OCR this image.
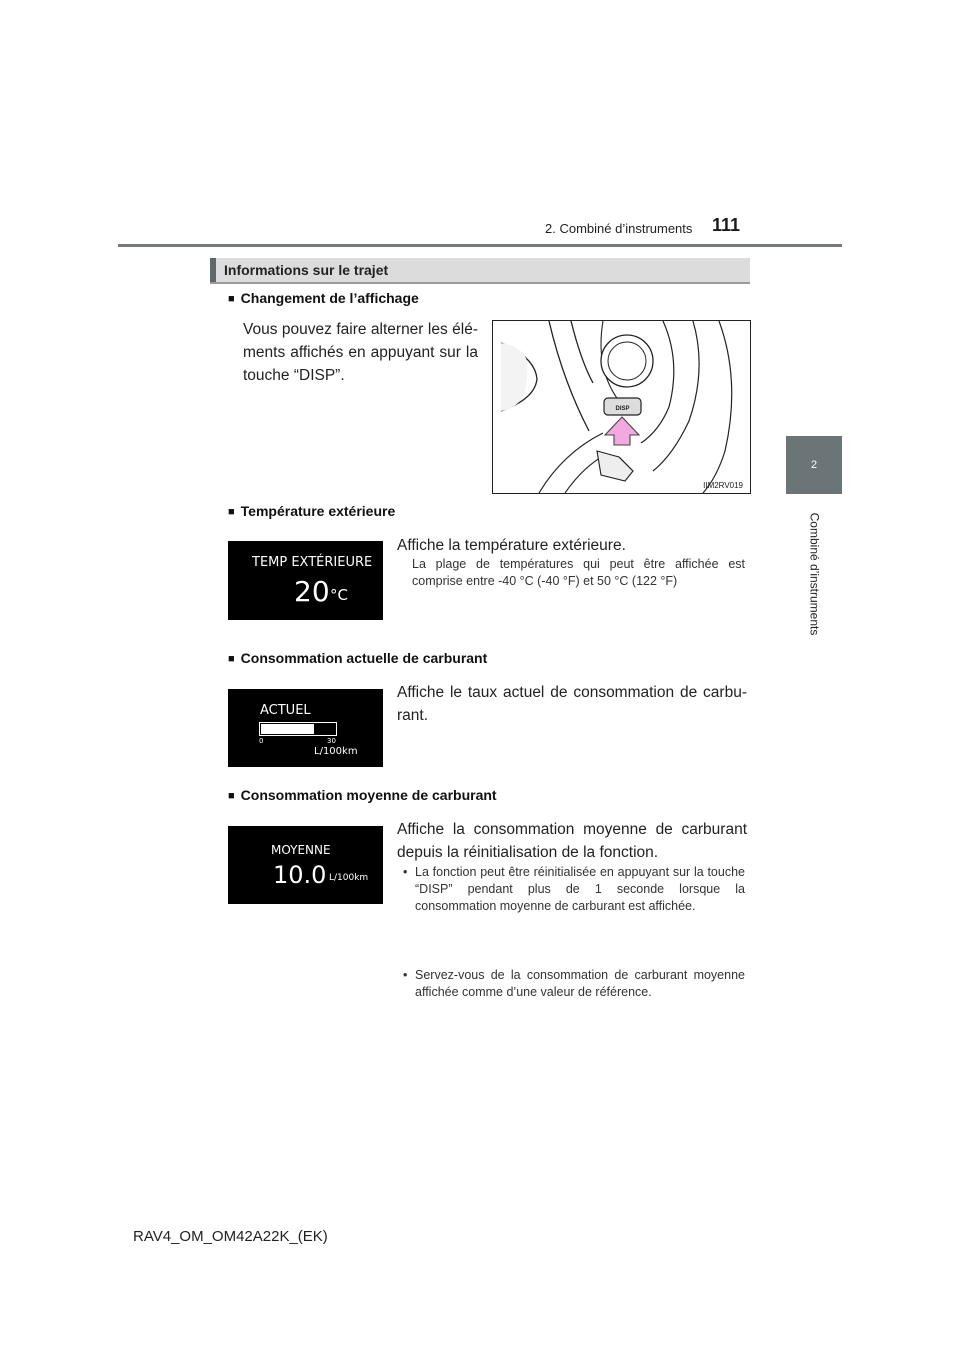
2. Combiné d’instruments 111
2
Combiné d’instruments
Informations sur le trajet
■ Changement de l’affichage
Vous pouvez faire alterner les élé-ments affichés en appuyant sur la touche “DISP”.
DISP
IIM2RV019
■ Température extérieure
TEMP EXTÉRIEURE
20 °C
Affiche la température extérieure.
La plage de températures qui peut être affichée est comprise entre -40 °C (-40 °F) et 50 °C (122 °F)
■ Consommation actuelle de carburant
ACTUEL
0	30
L/100km
Affiche le taux actuel de consommation de carbu-rant.
■ Consommation moyenne de carburant
MOYENNE
10.0 L/100km
Affiche la consommation moyenne de carburant depuis la réinitialisation de la fonction.
• La fonction peut être réinitialisée en appuyant sur la touche “DISP” pendant plus de 1 seconde lorsque la consommation moyenne de carburant est affichée.
• Servez-vous de la consommation de carburant moyenne affichée comme d’une valeur de référence.
RAV4_OM_OM42A22K_(EK)
